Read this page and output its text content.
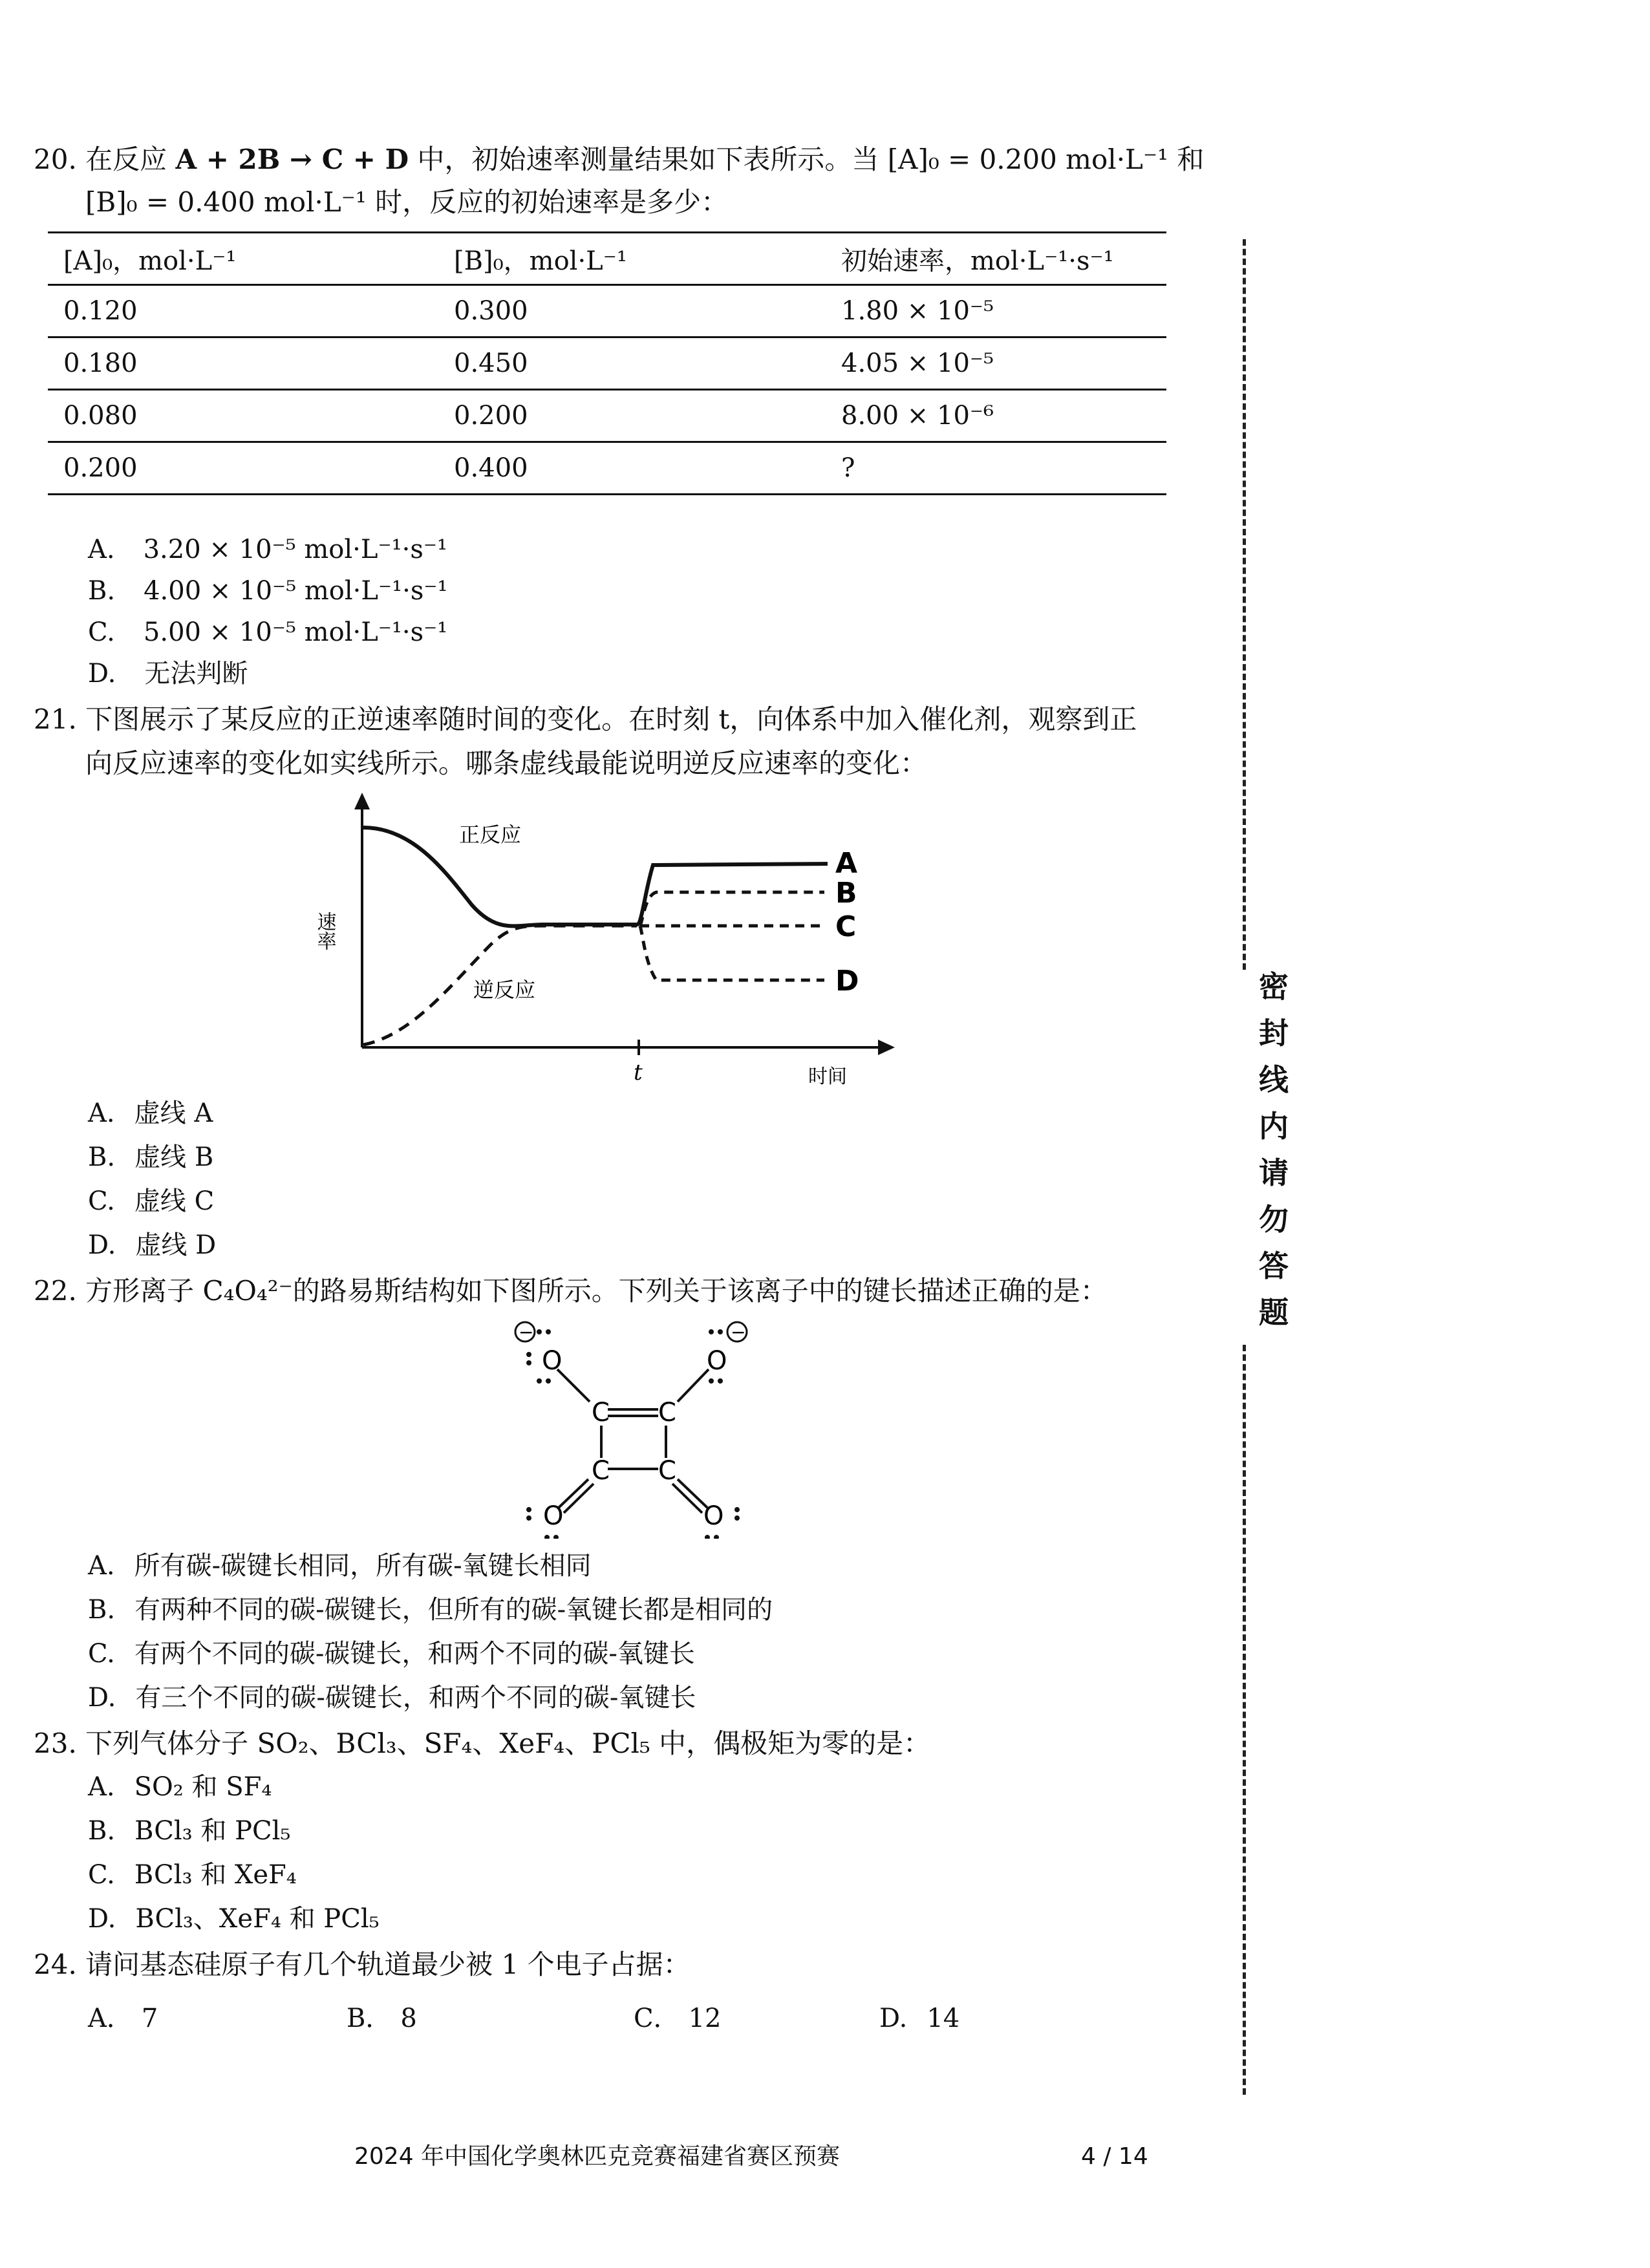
20. 在反应 A + 2B → C + D 中，初始速率测量结果如下表所示。当 [A]₀ = 0.200 mol·L⁻¹ 和
[B]₀ = 0.400 mol·L⁻¹ 时，反应的初始速率是多少：
[A]₀，mol·L⁻¹	[B]₀，mol·L⁻¹	初始速率，mol·L⁻¹·s⁻¹
0.120	0.300	1.80 × 10⁻⁵
0.180	0.450	4.05 × 10⁻⁵
0.080	0.200	8.00 × 10⁻⁶
0.200	0.400	?
A. 3.20 × 10⁻⁵ mol·L⁻¹·s⁻¹
B. 4.00 × 10⁻⁵ mol·L⁻¹·s⁻¹
C. 5.00 × 10⁻⁵ mol·L⁻¹·s⁻¹
D. 无法判断
21. 下图展示了某反应的正逆速率随时间的变化。在时刻 t，向体系中加入催化剂，观察到正
向反应速率的变化如实线所示。哪条虚线最能说明逆反应速率的变化：
正反应
逆反应
速率
时间
t
A
B
C
D
A. 虚线 A
B. 虚线 B
C. 虚线 C
D. 虚线 D
22. 方形离子 C₄O₄²⁻的路易斯结构如下图所示。下列关于该离子中的键长描述正确的是：
C C
C C
O	O
O	O
−	−
A. 所有碳-碳键长相同，所有碳-氧键长相同
B. 有两种不同的碳-碳键长，但所有的碳-氧键长都是相同的
C. 有两个不同的碳-碳键长，和两个不同的碳-氧键长
D. 有三个不同的碳-碳键长，和两个不同的碳-氧键长
23. 下列气体分子 SO₂、BCl₃、SF₄、XeF₄、PCl₅ 中，偶极矩为零的是：
A. SO₂ 和 SF₄
B. BCl₃ 和 PCl₅
C. BCl₃ 和 XeF₄
D. BCl₃、XeF₄ 和 PCl₅
24. 请问基态硅原子有几个轨道最少被 1 个电子占据：
A． 7	B． 8	C． 12	D. 14
密
封
线
内
请
勿
答
题
2024 年中国化学奥林匹克竞赛福建省赛区预赛	4 / 14
